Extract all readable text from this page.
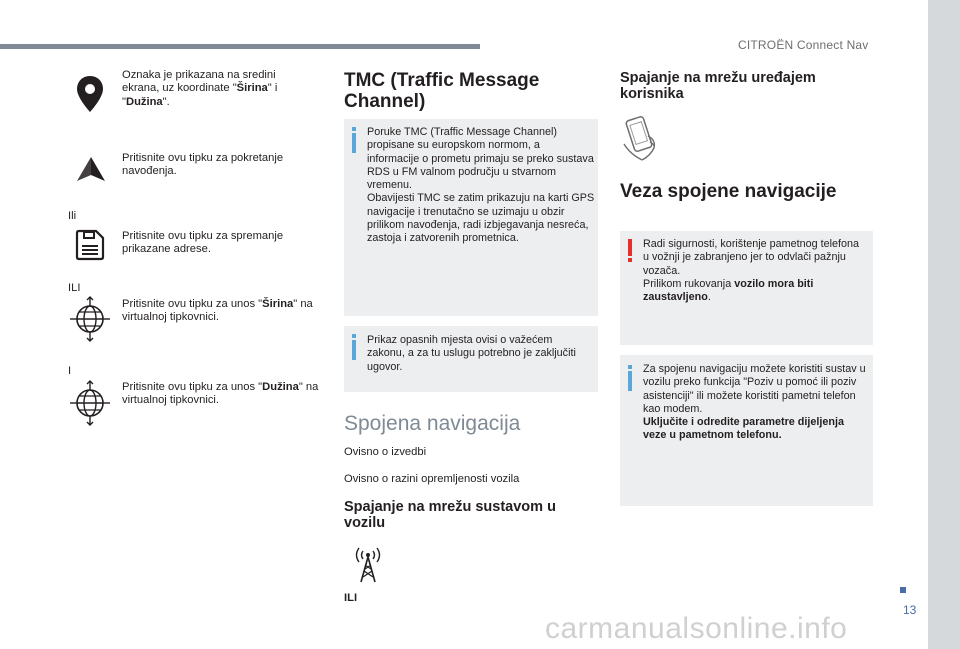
CITROËN Connect Nav
Oznaka je prikazana na sredini ekrana, uz koordinate "Širina" i "Dužina".
Pritisnite ovu tipku za pokretanje navođenja.
Ili
Pritisnite ovu tipku za spremanje prikazane adrese.
ILI
Pritisnite ovu tipku za unos "Širina" na virtualnoj tipkovnici.
I
Pritisnite ovu tipku za unos "Dužina" na virtualnoj tipkovnici.
TMC (Traffic Message Channel)
Poruke TMC (Traffic Message Channel) propisane su europskom normom, a informacije o prometu primaju se preko sustava RDS u FM valnom području u stvarnom vremenu.
Obavijesti TMC se zatim prikazuju na karti GPS navigacije i trenutačno se uzimaju u obzir prilikom navođenja, radi izbjegavanja nesreća, zastoja i zatvorenih prometnica.
Prikaz opasnih mjesta ovisi o važećem zakonu, a za tu uslugu potrebno je zaključiti ugovor.
Spojena navigacija
Ovisno o izvedbi
Ovisno o razini opremljenosti vozila
Spajanje na mrežu sustavom u vozilu
ILI
Spajanje na mrežu uređajem korisnika
Veza spojene navigacije
Radi sigurnosti, korištenje pametnog telefona u vožnji je zabranjeno jer to odvlači pažnju vozača.
Prilikom rukovanja vozilo mora biti zaustavljeno.
Za spojenu navigaciju možete koristiti sustav u vozilu preko funkcija "Poziv u pomoć ili poziv asistenciji" ili možete koristiti pametni telefon kao modem.
Uključite i odredite parametre dijeljenja veze u pametnom telefonu.
13
carmanualsonline.info
